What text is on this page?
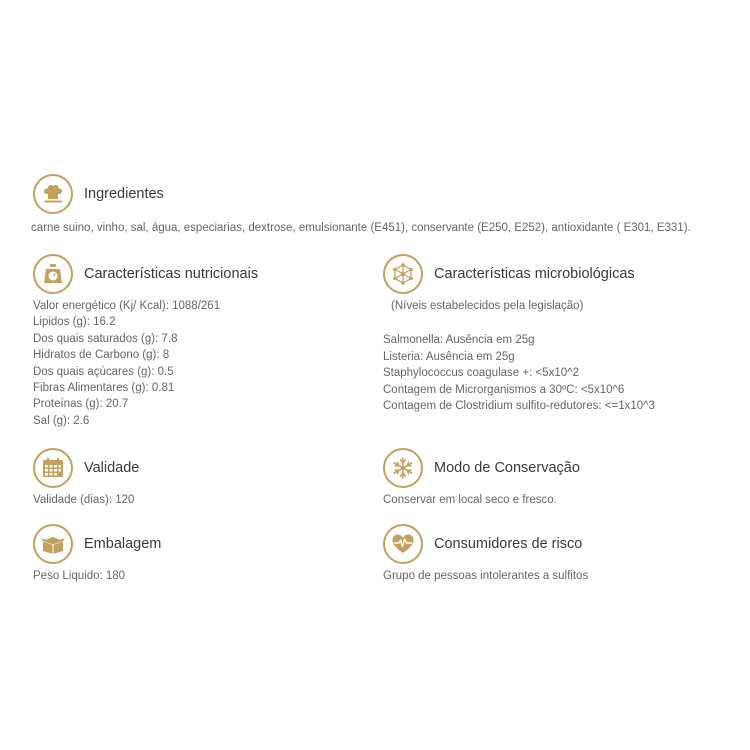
Ingredientes
carne suino, vinho, sal, água, especiarias, dextrose, emulsionante (E451), conservante (E250, E252), antioxidante ( E301, E331).
Características nutricionais
Valor energético (Kj/ Kcal): 1088/261
Lipidos (g): 16.2
Dos quais saturados (g): 7.8
Hidratos de Carbono (g): 8
Dos quais açúcares (g): 0.5
Fibras Alimentares (g): 0.81
Proteínas (g): 20.7
Sal (g): 2.6
Características microbiológicas
(Níveis estabelecidos pela legislação)
Salmonella: Ausência em 25g
Listeria: Ausência em 25g
Staphylococcus coagulase +: <5x10^2
Contagem de Microrganismos a 30ºC: <5x10^6
Contagem de Clostridium sulfito-redutores: <=1x10^3
Validade
Validade (dias): 120
Modo de Conservação
Conservar em local seco e fresco.
Embalagem
Peso Liquido: 180
Consumidores de risco
Grupo de pessoas intolerantes a sulfitos
